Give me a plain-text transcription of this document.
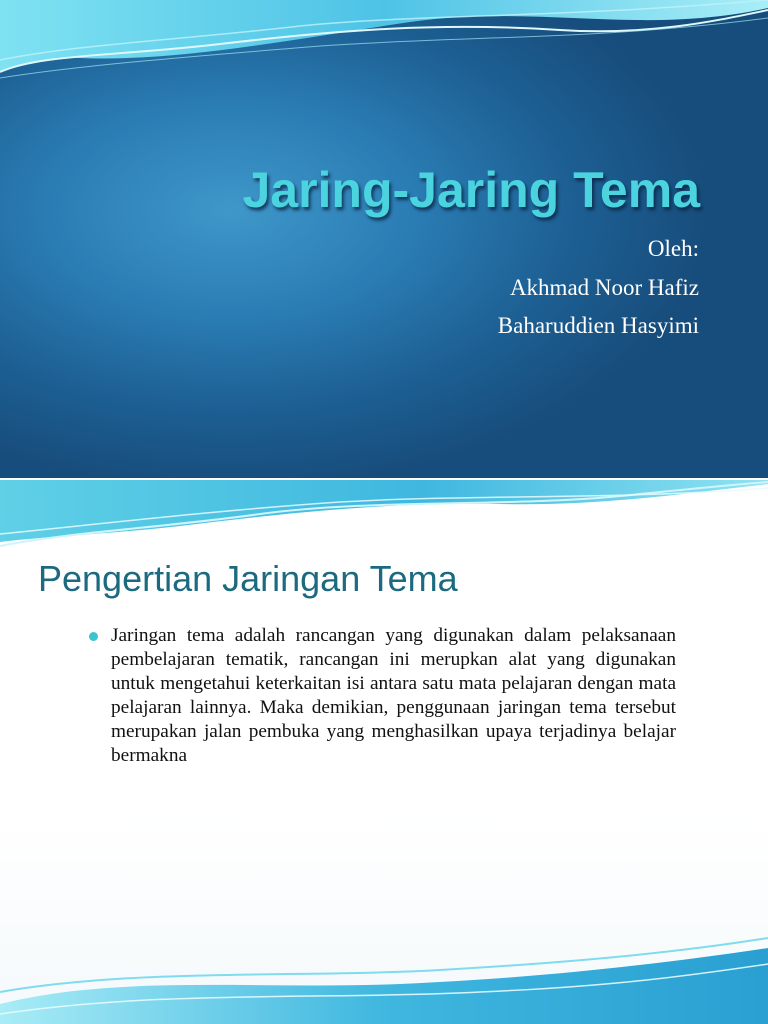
Jaring-Jaring Tema
Oleh:
Akhmad Noor Hafiz
Baharuddien Hasyimi
Pengertian Jaringan Tema

Jaringan tema adalah rancangan yang digunakan dalam pelaksanaan pembelajaran tematik, rancangan ini merupkan alat yang digunakan untuk mengetahui keterkaitan isi antara satu mata pelajaran dengan mata pelajaran lainnya. Maka demikian, penggunaan jaringan tema tersebut merupakan jalan pembuka yang menghasilkan upaya terjadinya belajar bermakna
